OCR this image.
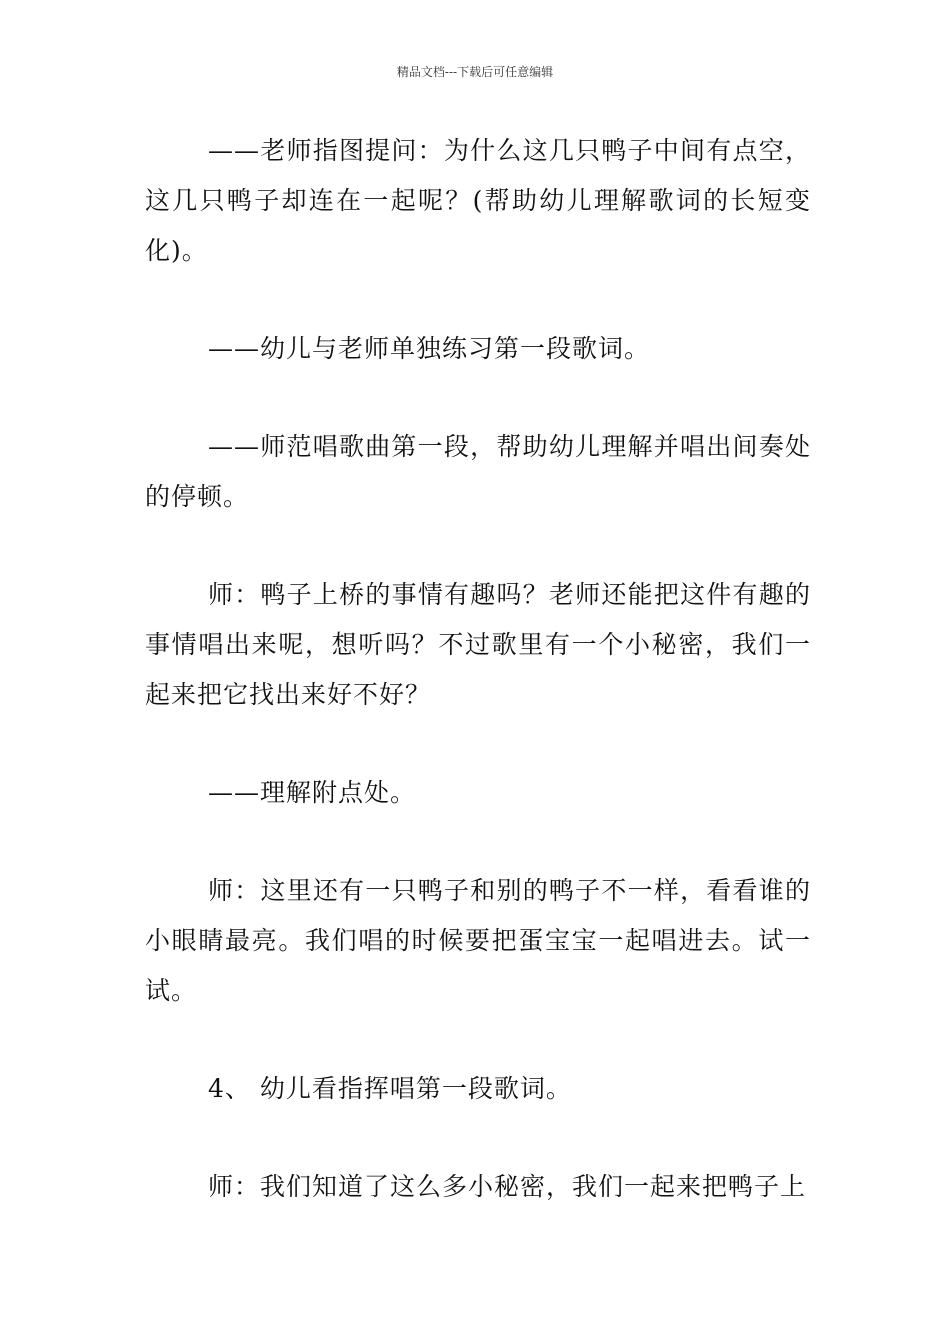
精品文档---下载后可任意编辑

——老师指图提问：为什么这几只鸭子中间有点空，这几只鸭子却连在一起呢？(帮助幼儿理解歌词的长短变化)。

——幼儿与老师单独练习第一段歌词。

——师范唱歌曲第一段，帮助幼儿理解并唱出间奏处的停顿。

师：鸭子上桥的事情有趣吗？老师还能把这件有趣的事情唱出来呢，想听吗？不过歌里有一个小秘密，我们一起来把它找出来好不好？

——理解附点处。

师：这里还有一只鸭子和别的鸭子不一样，看看谁的小眼睛最亮。我们唱的时候要把蛋宝宝一起唱进去。试一试。

4、 幼儿看指挥唱第一段歌词。

师：我们知道了这么多小秘密，我们一起来把鸭子上
